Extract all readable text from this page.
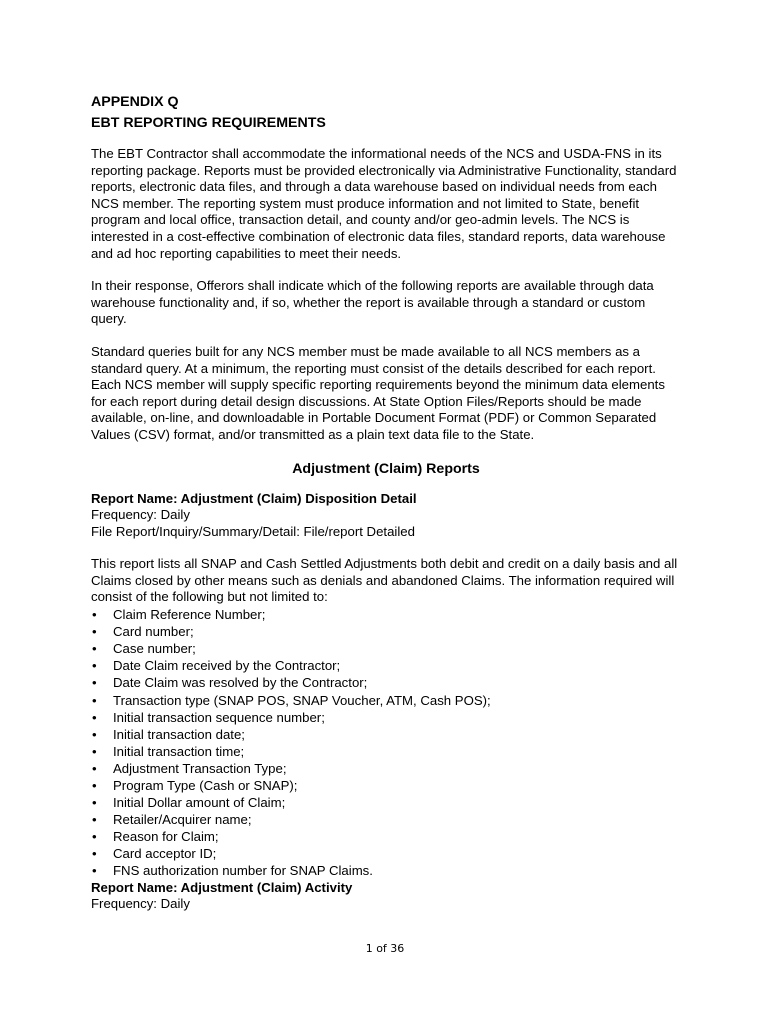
APPENDIX Q

EBT REPORTING REQUIREMENTS

The EBT Contractor shall accommodate the informational needs of the NCS and USDA-FNS in its reporting package. Reports must be provided electronically via Administrative Functionality, standard reports, electronic data files, and through a data warehouse based on individual needs from each NCS member. The reporting system must produce information and not limited to State, benefit program and local office, transaction detail, and county and/or geo-admin levels. The NCS is interested in a cost-effective combination of electronic data files, standard reports, data warehouse and ad hoc reporting capabilities to meet their needs.

In their response, Offerors shall indicate which of the following reports are available through data warehouse functionality and, if so, whether the report is available through a standard or custom query.

Standard queries built for any NCS member must be made available to all NCS members as a standard query. At a minimum, the reporting must consist of the details described for each report. Each NCS member will supply specific reporting requirements beyond the minimum data elements for each report during detail design discussions. At State Option Files/Reports should be made available, on-line, and downloadable in Portable Document Format (PDF) or Common Separated Values (CSV) format, and/or transmitted as a plain text data file to the State.

Adjustment (Claim) Reports

Report Name: Adjustment (Claim) Disposition Detail

Frequency: Daily

File Report/Inquiry/Summary/Detail: File/report Detailed

This report lists all SNAP and Cash Settled Adjustments both debit and credit on a daily basis and all Claims closed by other means such as denials and abandoned Claims. The information required will consist of the following but not limited to:

• Claim Reference Number;
• Card number;
• Case number;
• Date Claim received by the Contractor;
• Date Claim was resolved by the Contractor;
• Transaction type (SNAP POS, SNAP Voucher, ATM, Cash POS);
• Initial transaction sequence number;
• Initial transaction date;
• Initial transaction time;
• Adjustment Transaction Type;
• Program Type (Cash or SNAP);
• Initial Dollar amount of Claim;
• Retailer/Acquirer name;
• Reason for Claim;
• Card acceptor ID;
• FNS authorization number for SNAP Claims.

Report Name: Adjustment (Claim) Activity

Frequency: Daily

1 of 36
